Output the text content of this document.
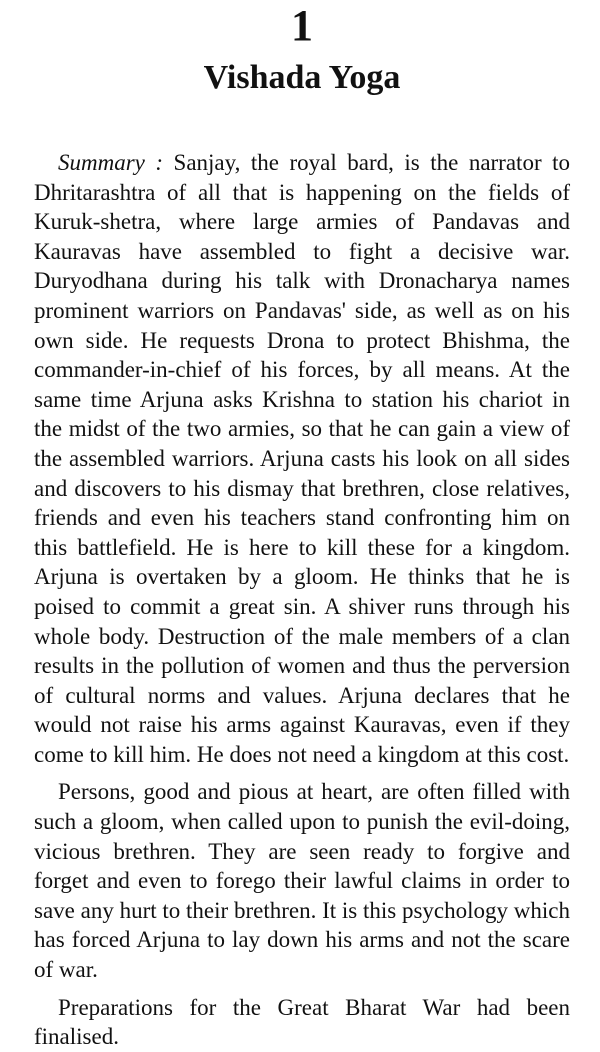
1
Vishada Yoga

Summary : Sanjay, the royal bard, is the narrator to Dhritarashtra of all that is happening on the fields of Kuruk-shetra, where large armies of Pandavas and Kauravas have assembled to fight a decisive war. Duryodhana during his talk with Dronacharya names prominent warriors on Pandavas' side, as well as on his own side. He requests Drona to protect Bhishma, the commander-in-chief of his forces, by all means. At the same time Arjuna asks Krishna to station his chariot in the midst of the two armies, so that he can gain a view of the assembled warriors. Arjuna casts his look on all sides and discovers to his dismay that brethren, close relatives, friends and even his teachers stand confronting him on this battlefield. He is here to kill these for a kingdom. Arjuna is overtaken by a gloom. He thinks that he is poised to commit a great sin. A shiver runs through his whole body. Destruction of the male members of a clan results in the pollution of women and thus the perversion of cultural norms and values. Arjuna declares that he would not raise his arms against Kauravas, even if they come to kill him. He does not need a kingdom at this cost.

Persons, good and pious at heart, are often filled with such a gloom, when called upon to punish the evil-doing, vicious brethren. They are seen ready to forgive and forget and even to forego their lawful claims in order to save any hurt to their brethren. It is this psychology which has forced Arjuna to lay down his arms and not the scare of war.

Preparations for the Great Bharat War had been finalised.
